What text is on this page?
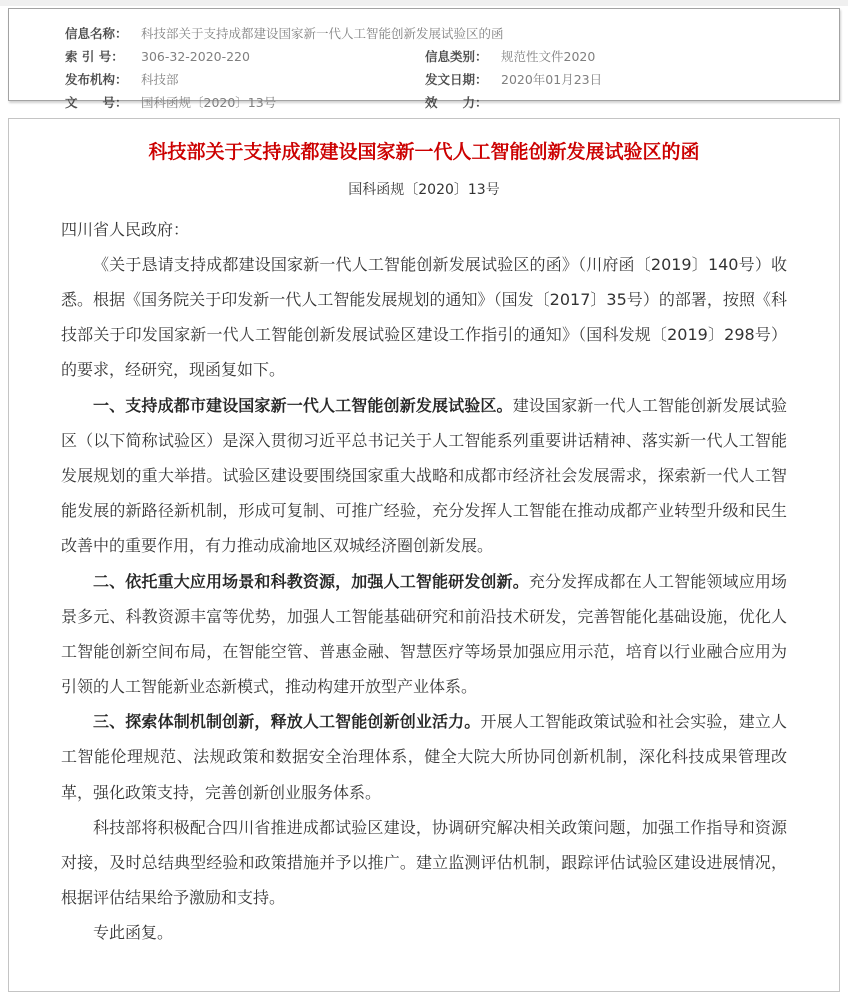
信息名称：	科技部关于支持成都建设国家新一代人工智能创新发展试验区的函
索 引 号：	306-32-2020-220	信息类别：	规范性文件2020
发布机构：	科技部	发文日期：	2020年01月23日
文　　号：	国科函规〔2020〕13号	效　　力：
科技部关于支持成都建设国家新一代人工智能创新发展试验区的函
国科函规〔2020〕13号
四川省人民政府：

《关于恳请支持成都建设国家新一代人工智能创新发展试验区的函》（川府函〔2019〕140号）收悉。根据《国务院关于印发新一代人工智能发展规划的通知》（国发〔2017〕35号）的部署，按照《科技部关于印发国家新一代人工智能创新发展试验区建设工作指引的通知》（国科发规〔2019〕298号）的要求，经研究，现函复如下。

一、支持成都市建设国家新一代人工智能创新发展试验区。建设国家新一代人工智能创新发展试验区（以下简称试验区）是深入贯彻习近平总书记关于人工智能系列重要讲话精神、落实新一代人工智能发展规划的重大举措。试验区建设要围绕国家重大战略和成都市经济社会发展需求，探索新一代人工智能发展的新路径新机制，形成可复制、可推广经验，充分发挥人工智能在推动成都产业转型升级和民生改善中的重要作用，有力推动成渝地区双城经济圈创新发展。

二、依托重大应用场景和科教资源，加强人工智能研发创新。充分发挥成都在人工智能领域应用场景多元、科教资源丰富等优势，加强人工智能基础研究和前沿技术研发，完善智能化基础设施，优化人工智能创新空间布局，在智能空管、普惠金融、智慧医疗等场景加强应用示范，培育以行业融合应用为引领的人工智能新业态新模式，推动构建开放型产业体系。

三、探索体制机制创新，释放人工智能创新创业活力。开展人工智能政策试验和社会实验，建立人工智能伦理规范、法规政策和数据安全治理体系，健全大院大所协同创新机制，深化科技成果管理改革，强化政策支持，完善创新创业服务体系。

科技部将积极配合四川省推进成都试验区建设，协调研究解决相关政策问题，加强工作指导和资源对接，及时总结典型经验和政策措施并予以推广。建立监测评估机制，跟踪评估试验区建设进展情况，根据评估结果给予激励和支持。

专此函复。
